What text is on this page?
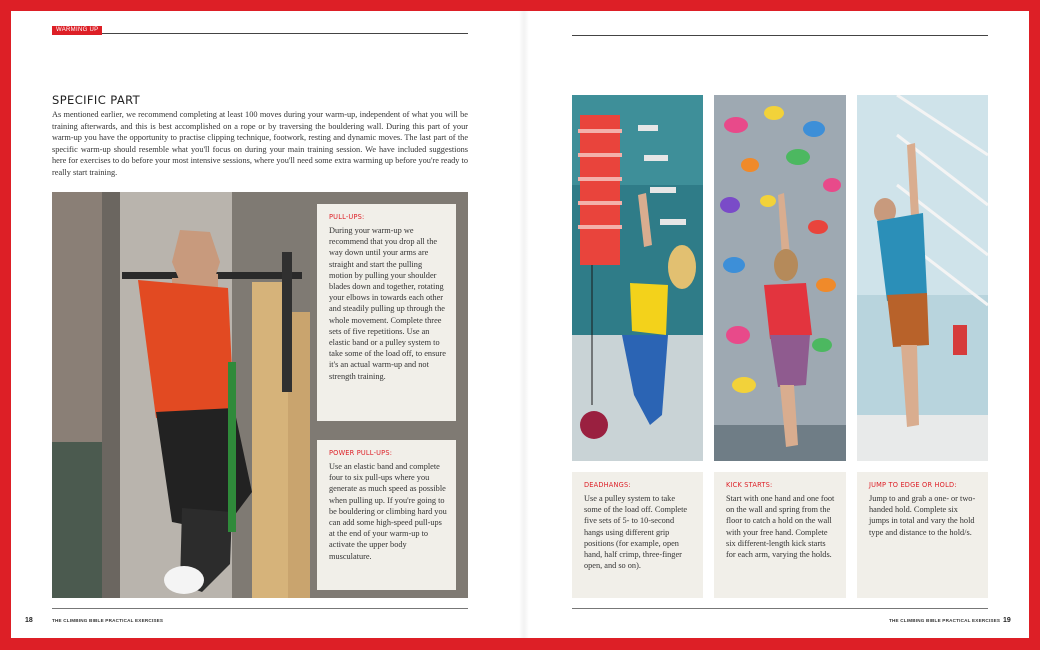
WARMING UP
SPECIFIC PART

As mentioned earlier, we recommend completing at least 100 moves during your warm-up, independent of what you will be training afterwards, and this is best accomplished on a rope or by traversing the bouldering wall. During this part of your warm-up you have the opportunity to practise clipping technique, footwork, resting and dynamic moves. The last part of the specific warm-up should resemble what you'll focus on during your main training session. We have included suggestions here for exercises to do before your most intensive sessions, where you'll need some extra warming up before you're ready to really start training.

PULL-UPS:

During your warm-up we recommend that you drop all the way down until your arms are straight and start the pulling motion by pulling your shoulder blades down and together, rotating your elbows in towards each other and steadily pulling up through the whole movement. Complete three sets of five repetitions. Use an elastic band or a pulley system to take some of the load off, to ensure it's an actual warm-up and not strength training.

POWER PULL-UPS:

Use an elastic band and complete four to six pull-ups where you generate as much speed as possible when pulling up. If you're going to be bouldering or climbing hard you can add some high-speed pull-ups at the end of your warm-up to activate the upper body musculature.

18	THE CLIMBING BIBLE PRACTICAL EXERCISES

DEADHANGS:

Use a pulley system to take some of the load off. Complete five sets of 5- to 10-second hangs using different grip positions (for example, open hand, half crimp, three-finger open, and so on).

KICK STARTS:

Start with one hand and one foot on the wall and spring from the floor to catch a hold on the wall with your free hand. Complete six different-length kick starts for each arm, varying the holds.

JUMP TO EDGE OR HOLD:

Jump to and grab a one- or two-handed hold. Complete six jumps in total and vary the hold type and distance to the hold/s.

THE CLIMBING BIBLE PRACTICAL EXERCISES 19
